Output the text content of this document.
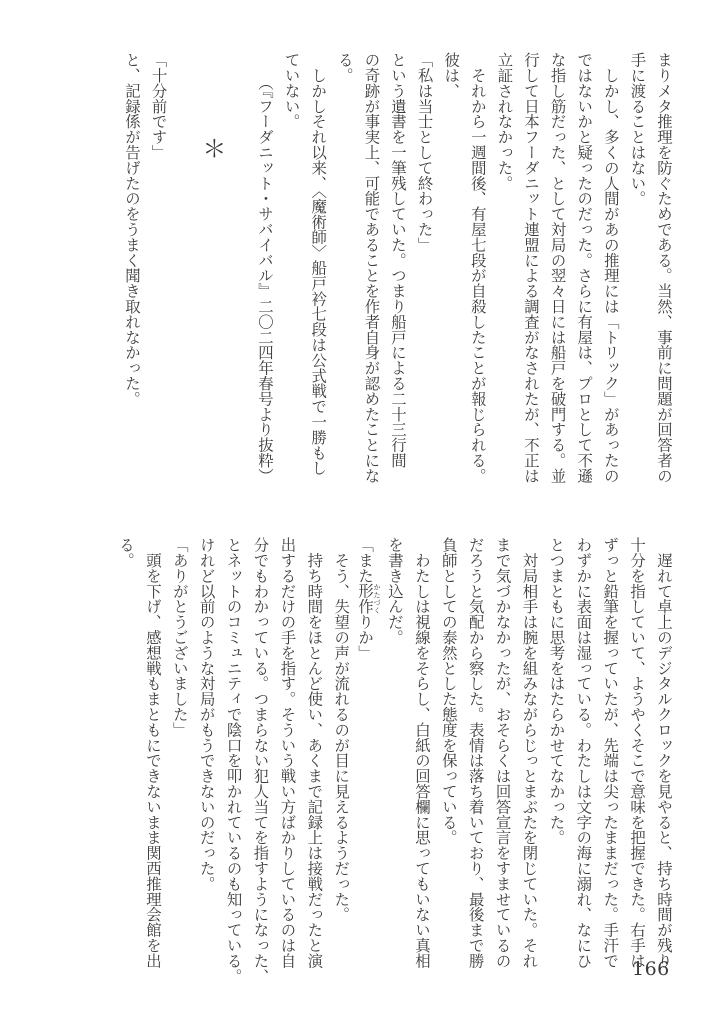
まりメタ推理を防ぐためである。当然、事前に問題が回答者の
手に渡ることはない。
　しかし、多くの人間があの推理には「トリック」があったの
ではないかと疑ったのだった。さらに有屋は、プロとして不遜
な指し筋だった、として対局の翌々日には船戸を破門する。並
行して日本フーダニット連盟による調査がなされたが、不正は
立証されなかった。
　それから一週間後、有屋七段が自殺したことが報じられる。
彼は、
「私は当士として終わった」
という遺書を一筆残していた。つまり船戸による二十三行間
の奇跡が事実上、可能であることを作者自身が認めたことにな
る。
　しかしそれ以来、〈魔術師〉船戸衿七段は公式戦で一勝もし
ていない。
　　（『フーダニット・サバイバル』二〇二四年春号より抜粋）
＊
「十分前です」
と、記録係が告げたのをうまく聞き取れなかった。
　遅れて卓上のデジタルクロックを見やると、持ち時間が残り
十分を指していて、ようやくそこで意味を把握できた。右手は
ずっと鉛筆を握っていたが、先端は尖ったままだった。手汗で
わずかに表面は湿っている。わたしは文字の海に溺れ、なにひ
とつまともに思考をはたらかせてなかった。
　対局相手は腕を組みながらじっとまぶたを閉じていた。それ
まで気づかなかったが、おそらくは回答宣言をすませているの
だろうと気配から察した。表情は落ち着いており、最後まで勝
負師としての泰然とした態度を保っている。
　わたしは視線をそらし、白紙の回答欄に思ってもいない真相
を書き込んだ。
「また形作 かたづくりか」
　そう、失望の声が流れるのが目に見えるようだった。
　持ち時間をほとんど使い、あくまで記録上は接戦だったと演
出するだけの手を指す。そういう戦い方ばかりしているのは自
分でもわかっている。つまらない犯人当てを指すようになった、
とネットのコミュニティで陰口を叩かれているのも知っている。
けれど以前のような対局がもうできないのだった。
「ありがとうございました」
　頭を下げ、感想戦もまともにできないまま関西推理会館を出
る。
166
